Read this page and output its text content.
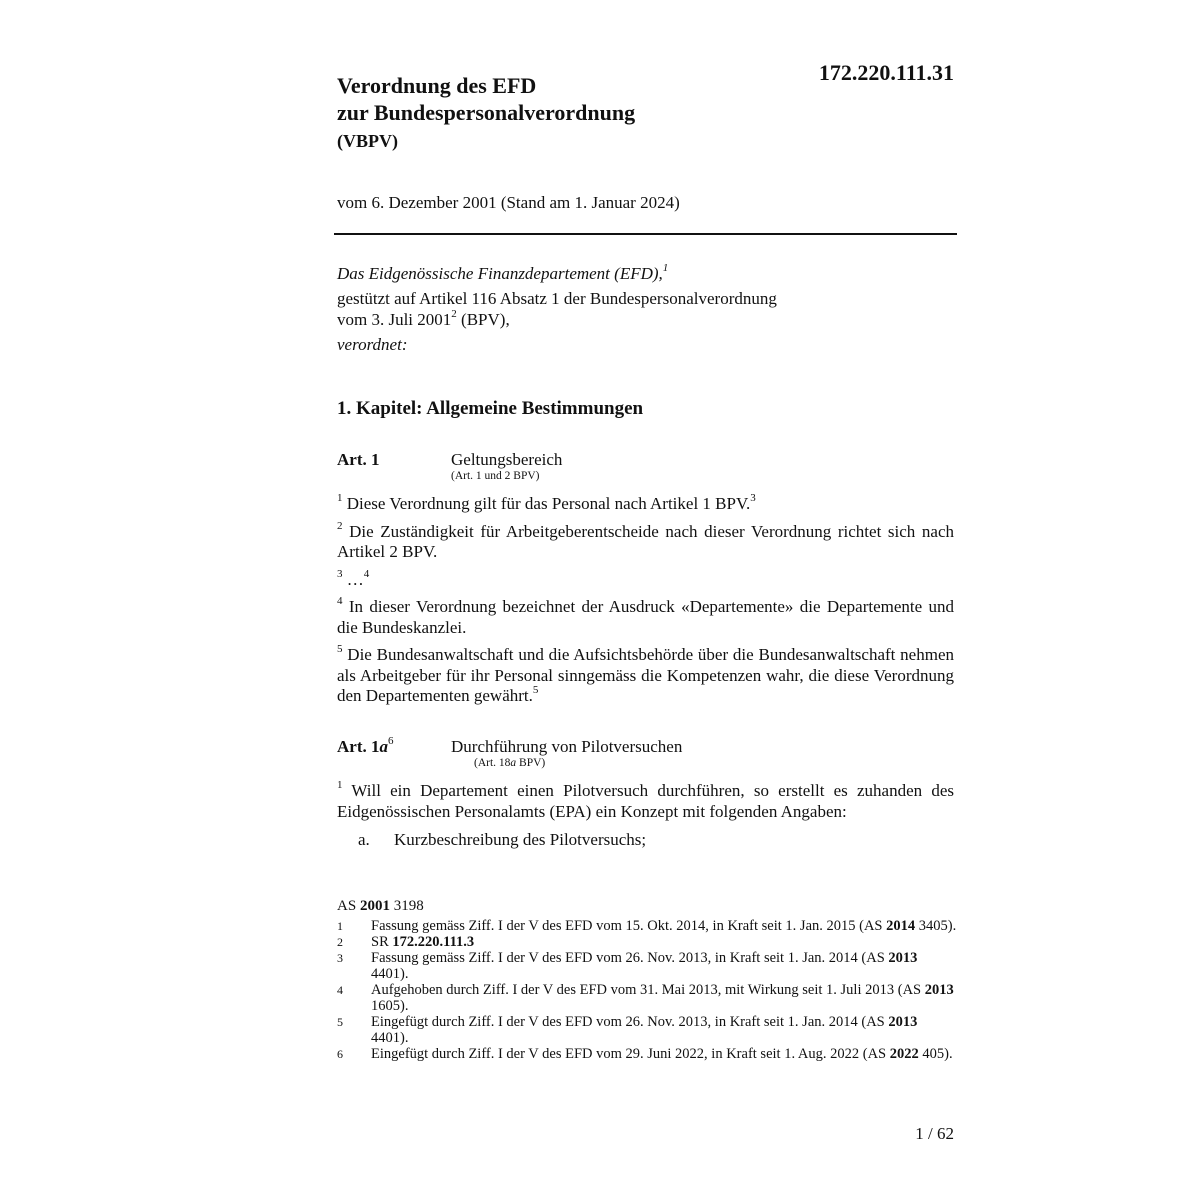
172.220.111.31
Verordnung des EFD
zur Bundespersonalverordnung
(VBPV)
vom 6. Dezember 2001 (Stand am 1. Januar 2024)

Das Eidgenössische Finanzdepartement (EFD),$^1$

gestützt auf Artikel 116 Absatz 1 der Bundespersonalverordnung
vom 3. Juli 2001$^2$ (BPV),

verordnet:

1. Kapitel: Allgemeine Bestimmungen
Art. 1	Geltungsbereich
(Art. 1 und 2 BPV)

$^1$ Diese Verordnung gilt für das Personal nach Artikel 1 BPV.$^3$

$^2$ Die Zuständigkeit für Arbeitgeberentscheide nach dieser Verordnung richtet sich nach Artikel 2 BPV.

$^3$ …$^4$

$^4$ In dieser Verordnung bezeichnet der Ausdruck «Departemente» die Departemente und die Bundeskanzlei.

$^5$ Die Bundesanwaltschaft und die Aufsichtsbehörde über die Bundesanwaltschaft nehmen als Arbeitgeber für ihr Personal sinngemäss die Kompetenzen wahr, die diese Verordnung den Departementen gewährt.$^5$

Art. $1a^6$	Durchführung von Pilotversuchen
(Art. 18a BPV)

$^1$ Will ein Departement einen Pilotversuch durchführen, so erstellt es zuhanden des Eidgenössischen Personalamts (EPA) ein Konzept mit folgenden Angaben:

a. Kurzbeschreibung des Pilotversuchs;
AS 2001 3198
1	Fassung gemäss Ziff. I der V des EFD vom 15. Okt. 2014, in Kraft seit 1. Jan. 2015 (AS 2014 3405).
2	SR 172.220.111.3
3	Fassung gemäss Ziff. I der V des EFD vom 26. Nov. 2013, in Kraft seit 1. Jan. 2014 (AS 2013 4401).
4	Aufgehoben durch Ziff. I der V des EFD vom 31. Mai 2013, mit Wirkung seit 1. Juli 2013 (AS 2013 1605).
5	Eingefügt durch Ziff. I der V des EFD vom 26. Nov. 2013, in Kraft seit 1. Jan. 2014 (AS 2013 4401).
6	Eingefügt durch Ziff. I der V des EFD vom 29. Juni 2022, in Kraft seit 1. Aug. 2022 (AS 2022 405).
1 / 62
